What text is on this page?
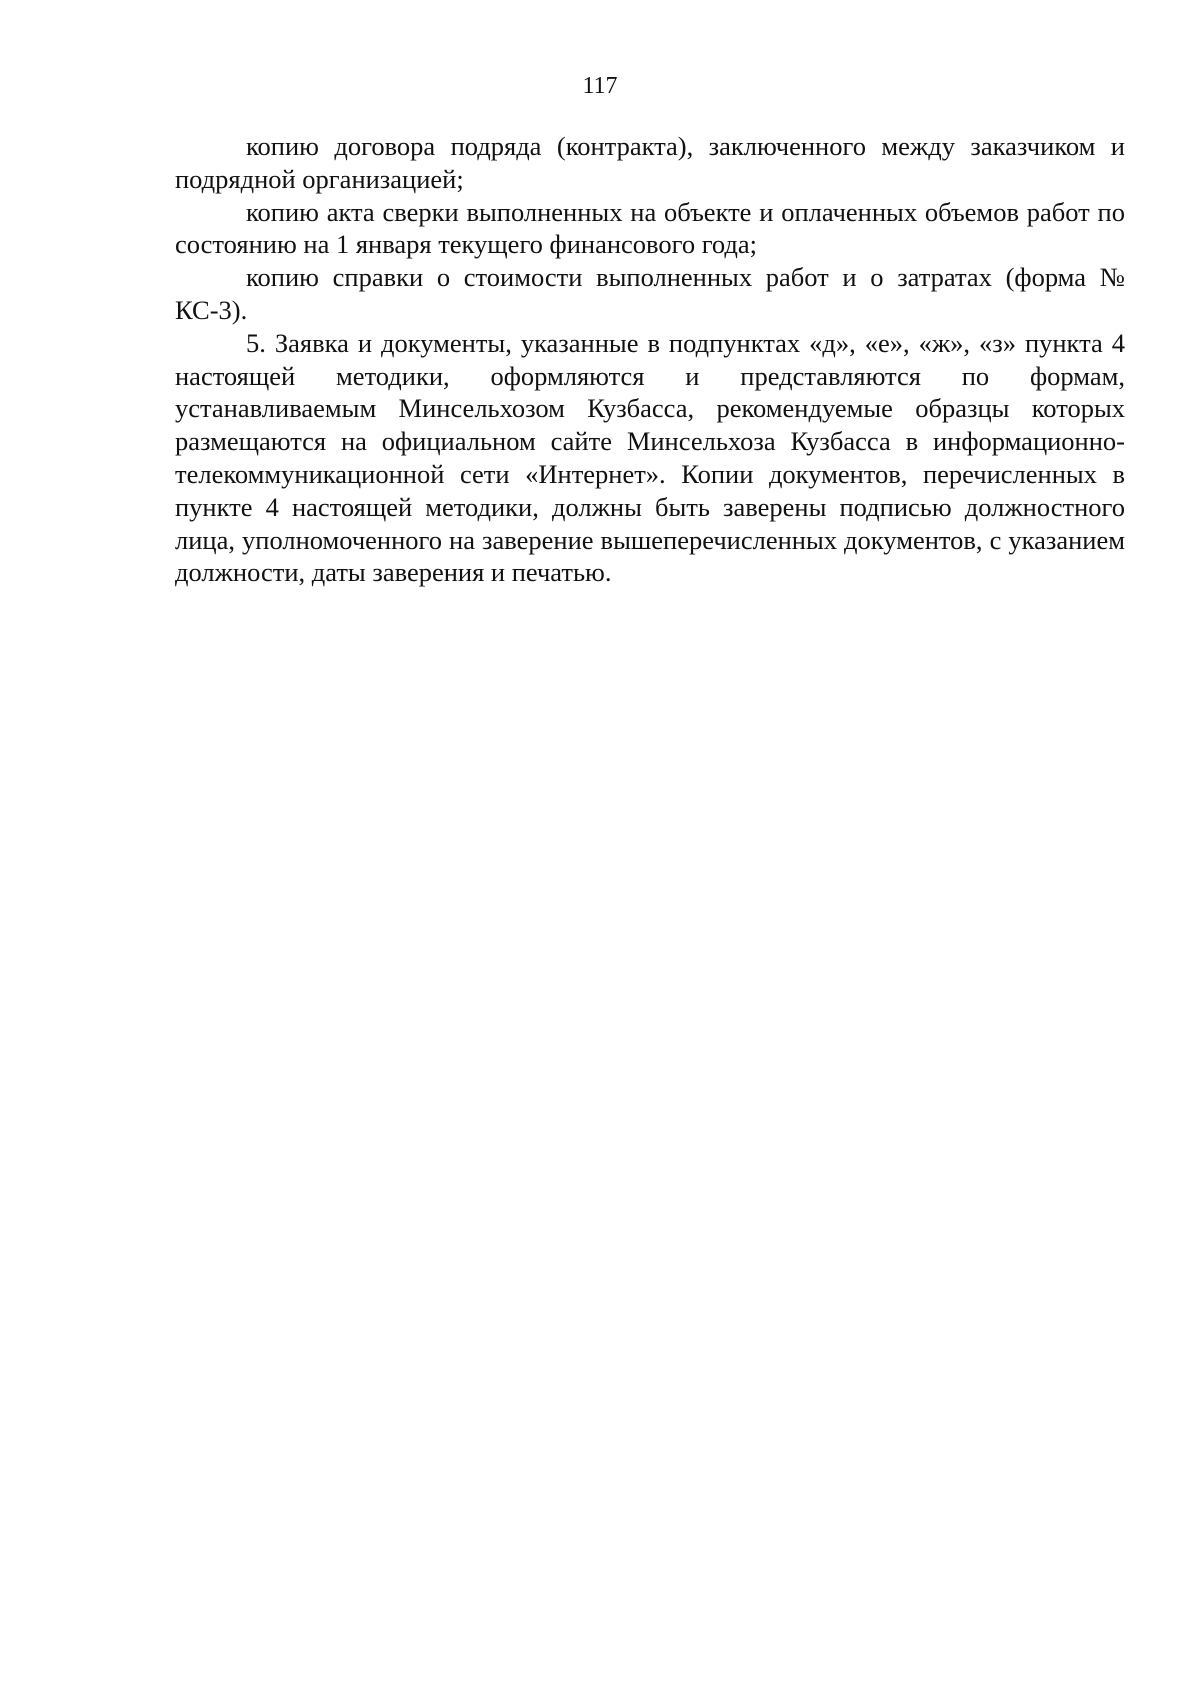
117

копию договора подряда (контракта), заключенного между заказчиком и подрядной организацией;

копию акта сверки выполненных на объекте и оплаченных объемов работ по состоянию на 1 января текущего финансового года;

копию справки о стоимости выполненных работ и о затратах (форма № КС-3).

5. Заявка и документы, указанные в подпунктах «д», «е», «ж», «з» пункта 4 настоящей методики, оформляются и представляются по формам, устанавливаемым Минсельхозом Кузбасса, рекомендуемые образцы которых размещаются на официальном сайте Минсельхоза Кузбасса в информационно-телекоммуникационной сети «Интернет». Копии документов, перечисленных в пункте 4 настоящей методики, должны быть заверены подписью должностного лица, уполномоченного на заверение вышеперечисленных документов, с указанием должности, даты заверения и печатью.
